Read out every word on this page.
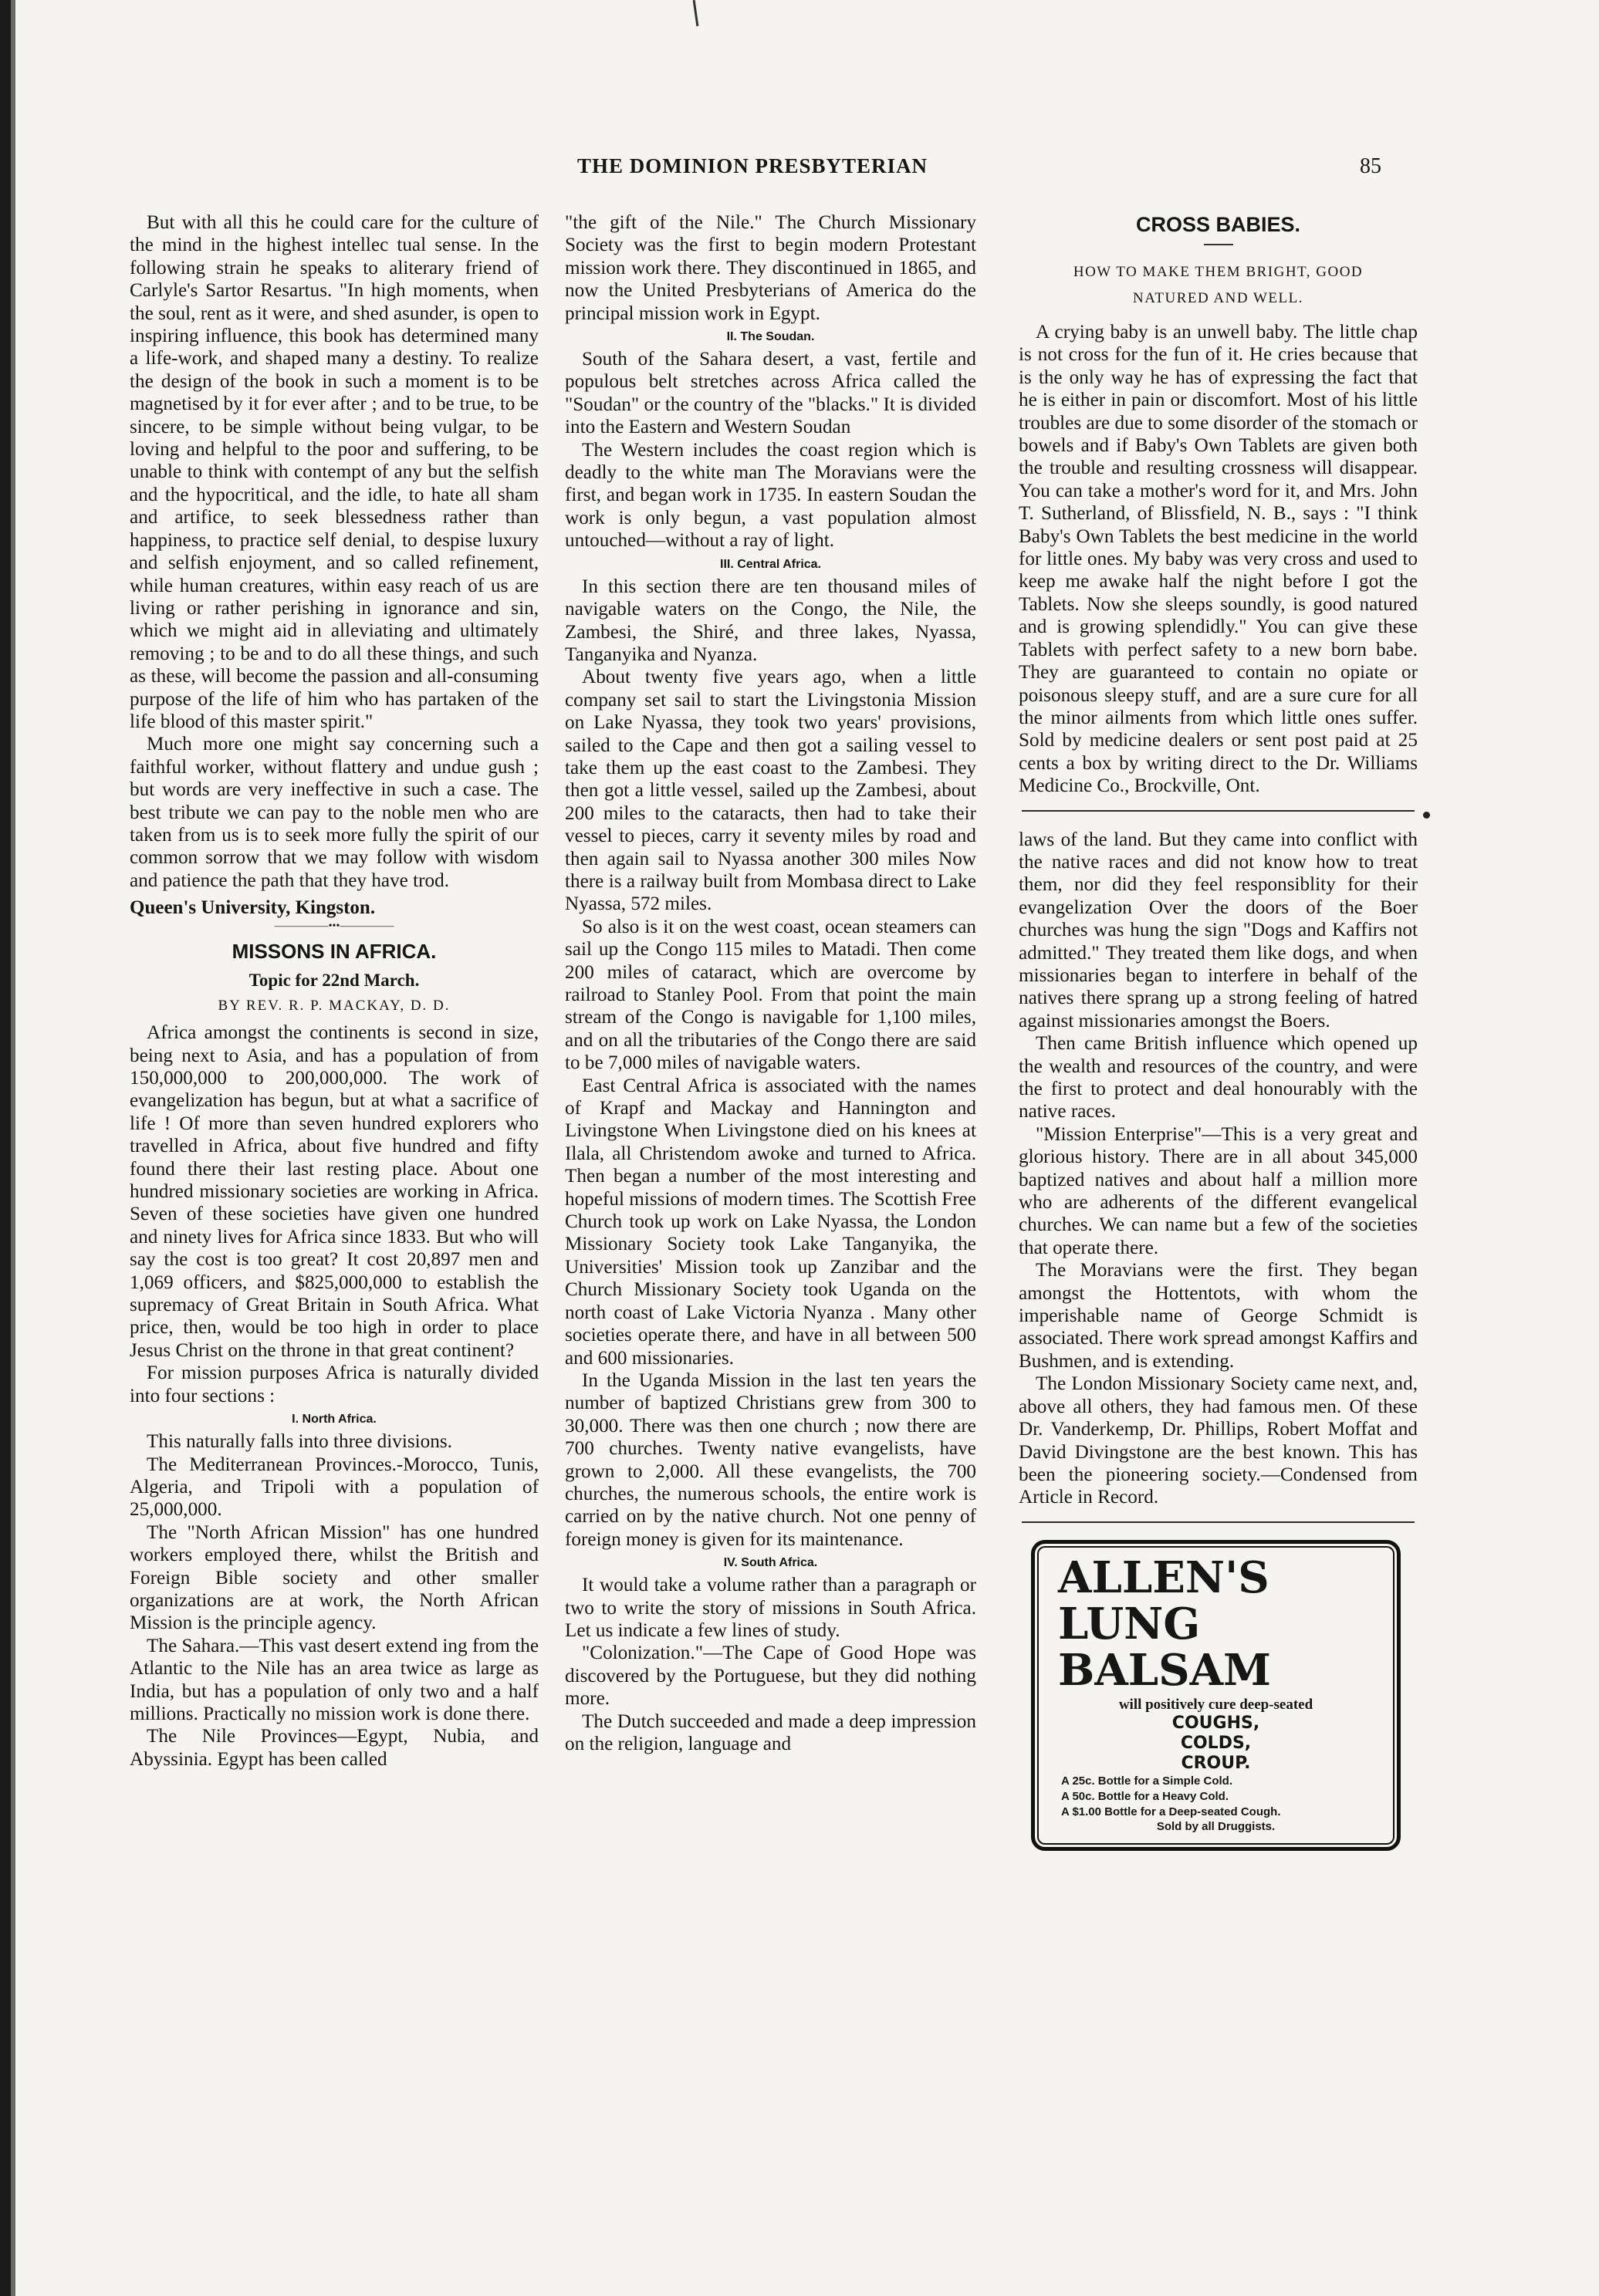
THE DOMINION PRESBYTERIAN	85

But with all this he could care for the culture of the mind in the highest intellec tual sense. In the following strain he speaks to aliterary friend of Carlyle's Sartor Resartus. "In high moments, when the soul, rent as it were, and shed asunder, is open to inspiring influence, this book has determined many a life-work, and shaped many a destiny. To realize the design of the book in such a moment is to be magnetised by it for ever after ; and to be true, to be sincere, to be simple without being vulgar, to be loving and helpful to the poor and suffering, to be unable to think with contempt of any but the selfish and the hypocritical, and the idle, to hate all sham and artifice, to seek blessedness rather than happiness, to practice self denial, to despise luxury and selfish enjoyment, and so called refinement, while human creatures, within easy reach of us are living or rather perishing in ignorance and sin, which we might aid in alleviating and ultimately removing ; to be and to do all these things, and such as these, will become the passion and all-consuming purpose of the life of him who has partaken of the life blood of this master spirit."

Much more one might say concerning such a faithful worker, without flattery and undue gush ; but words are very ineffective in such a case. The best tribute we can pay to the noble men who are taken from us is to seek more fully the spirit of our common sorrow that we may follow with wisdom and patience the path that they have trod.

Queen's University, Kingston.
—————•••—————
MISSONS IN AFRICA.
Topic for 22nd March.
BY REV. R. P. MACKAY, D. D.

Africa amongst the continents is second in size, being next to Asia, and has a population of from 150,000,000 to 200,000,000. The work of evangelization has begun, but at what a sacrifice of life ! Of more than seven hundred explorers who travelled in Africa, about five hundred and fifty found there their last resting place. About one hundred missionary societies are working in Africa. Seven of these societies have given one hundred and ninety lives for Africa since 1833. But who will say the cost is too great? It cost 20,897 men and 1,069 officers, and $825,000,000 to establish the supremacy of Great Britain in South Africa. What price, then, would be too high in order to place Jesus Christ on the throne in that great continent?

For mission purposes Africa is naturally divided into four sections :

I. North Africa.

This naturally falls into three divisions.

The Mediterranean Provinces.-Morocco, Tunis, Algeria, and Tripoli with a population of 25,000,000.

The "North African Mission" has one hundred workers employed there, whilst the British and Foreign Bible society and other smaller organizations are at work, the North African Mission is the principle agency.

The Sahara.—This vast desert extend ing from the Atlantic to the Nile has an area twice as large as India, but has a population of only two and a half millions. Practically no mission work is done there.

The Nile Provinces—Egypt, Nubia, and Abyssinia. Egypt has been called

"the gift of the Nile." The Church Missionary Society was the first to begin modern Protestant mission work there. They discontinued in 1865, and now the United Presbyterians of America do the principal mission work in Egypt.

II. The Soudan.

South of the Sahara desert, a vast, fertile and populous belt stretches across Africa called the "Soudan" or the country of the "blacks." It is divided into the Eastern and Western Soudan

The Western includes the coast region which is deadly to the white man The Moravians were the first, and began work in 1735. In eastern Soudan the work is only begun, a vast population almost untouched—without a ray of light.

III. Central Africa.

In this section there are ten thousand miles of navigable waters on the Congo, the Nile, the Zambesi, the Shiré, and three lakes, Nyassa, Tanganyika and Nyanza.

About twenty five years ago, when a little company set sail to start the Livingstonia Mission on Lake Nyassa, they took two years' provisions, sailed to the Cape and then got a sailing vessel to take them up the east coast to the Zambesi. They then got a little vessel, sailed up the Zambesi, about 200 miles to the cataracts, then had to take their vessel to pieces, carry it seventy miles by road and then again sail to Nyassa another 300 miles Now there is a railway built from Mombasa direct to Lake Nyassa, 572 miles.

So also is it on the west coast, ocean steamers can sail up the Congo 115 miles to Matadi. Then come 200 miles of cataract, which are overcome by railroad to Stanley Pool. From that point the main stream of the Congo is navigable for 1,100 miles, and on all the tributaries of the Congo there are said to be 7,000 miles of navigable waters.

East Central Africa is associated with the names of Krapf and Mackay and Hannington and Livingstone When Livingstone died on his knees at Ilala, all Christendom awoke and turned to Africa. Then began a number of the most interesting and hopeful missions of modern times. The Scottish Free Church took up work on Lake Nyassa, the London Missionary Society took Lake Tanganyika, the Universities' Mission took up Zanzibar and the Church Missionary Society took Uganda on the north coast of Lake Victoria Nyanza . Many other societies operate there, and have in all between 500 and 600 missionaries.

In the Uganda Mission in the last ten years the number of baptized Christians grew from 300 to 30,000. There was then one church ; now there are 700 churches. Twenty native evangelists, have grown to 2,000. All these evangelists, the 700 churches, the numerous schools, the entire work is carried on by the native church. Not one penny of foreign money is given for its maintenance.

IV. South Africa.

It would take a volume rather than a paragraph or two to write the story of missions in South Africa. Let us indicate a few lines of study.

"Colonization."—The Cape of Good Hope was discovered by the Portuguese, but they did nothing more.

The Dutch succeeded and made a deep impression on the religion, language and

CROSS BABIES.
HOW TO MAKE THEM BRIGHT, GOOD
NATURED AND WELL.

A crying baby is an unwell baby. The little chap is not cross for the fun of it. He cries because that is the only way he has of expressing the fact that he is either in pain or discomfort. Most of his little troubles are due to some disorder of the stomach or bowels and if Baby's Own Tablets are given both the trouble and resulting crossness will disappear. You can take a mother's word for it, and Mrs. John T. Sutherland, of Blissfield, N. B., says : "I think Baby's Own Tablets the best medicine in the world for little ones. My baby was very cross and used to keep me awake half the night before I got the Tablets. Now she sleeps soundly, is good natured and is growing splendidly." You can give these Tablets with perfect safety to a new born babe. They are guaranteed to contain no opiate or poisonous sleepy stuff, and are a sure cure for all the minor ailments from which little ones suffer. Sold by medicine dealers or sent post paid at 25 cents a box by writing direct to the Dr. Williams Medicine Co., Brockville, Ont.

laws of the land. But they came into conflict with the native races and did not know how to treat them, nor did they feel responsiblity for their evangelization Over the doors of the Boer churches was hung the sign "Dogs and Kaffirs not admitted." They treated them like dogs, and when missionaries began to interfere in behalf of the natives there sprang up a strong feeling of hatred against missionaries amongst the Boers.

Then came British influence which opened up the wealth and resources of the country, and were the first to protect and deal honourably with the native races.

"Mission Enterprise"—This is a very great and glorious history. There are in all about 345,000 baptized natives and about half a million more who are adherents of the different evangelical churches. We can name but a few of the societies that operate there.

The Moravians were the first. They began amongst the Hottentots, with whom the imperishable name of George Schmidt is associated. There work spread amongst Kaffirs and Bushmen, and is extending.

The London Missionary Society came next, and, above all others, they had famous men. Of these Dr. Vanderkemp, Dr. Phillips, Robert Moffat and David Divingstone are the best known. This has been the pioneering society.—Condensed from Article in Record.

ALLEN'S
LUNG
BALSAM
will positively cure deep-seated
COUGHS,
COLDS,
CROUP.
A 25c. Bottle for a Simple Cold.
A 50c. Bottle for a Heavy Cold.
A $1.00 Bottle for a Deep-seated Cough.
Sold by all Druggists.
